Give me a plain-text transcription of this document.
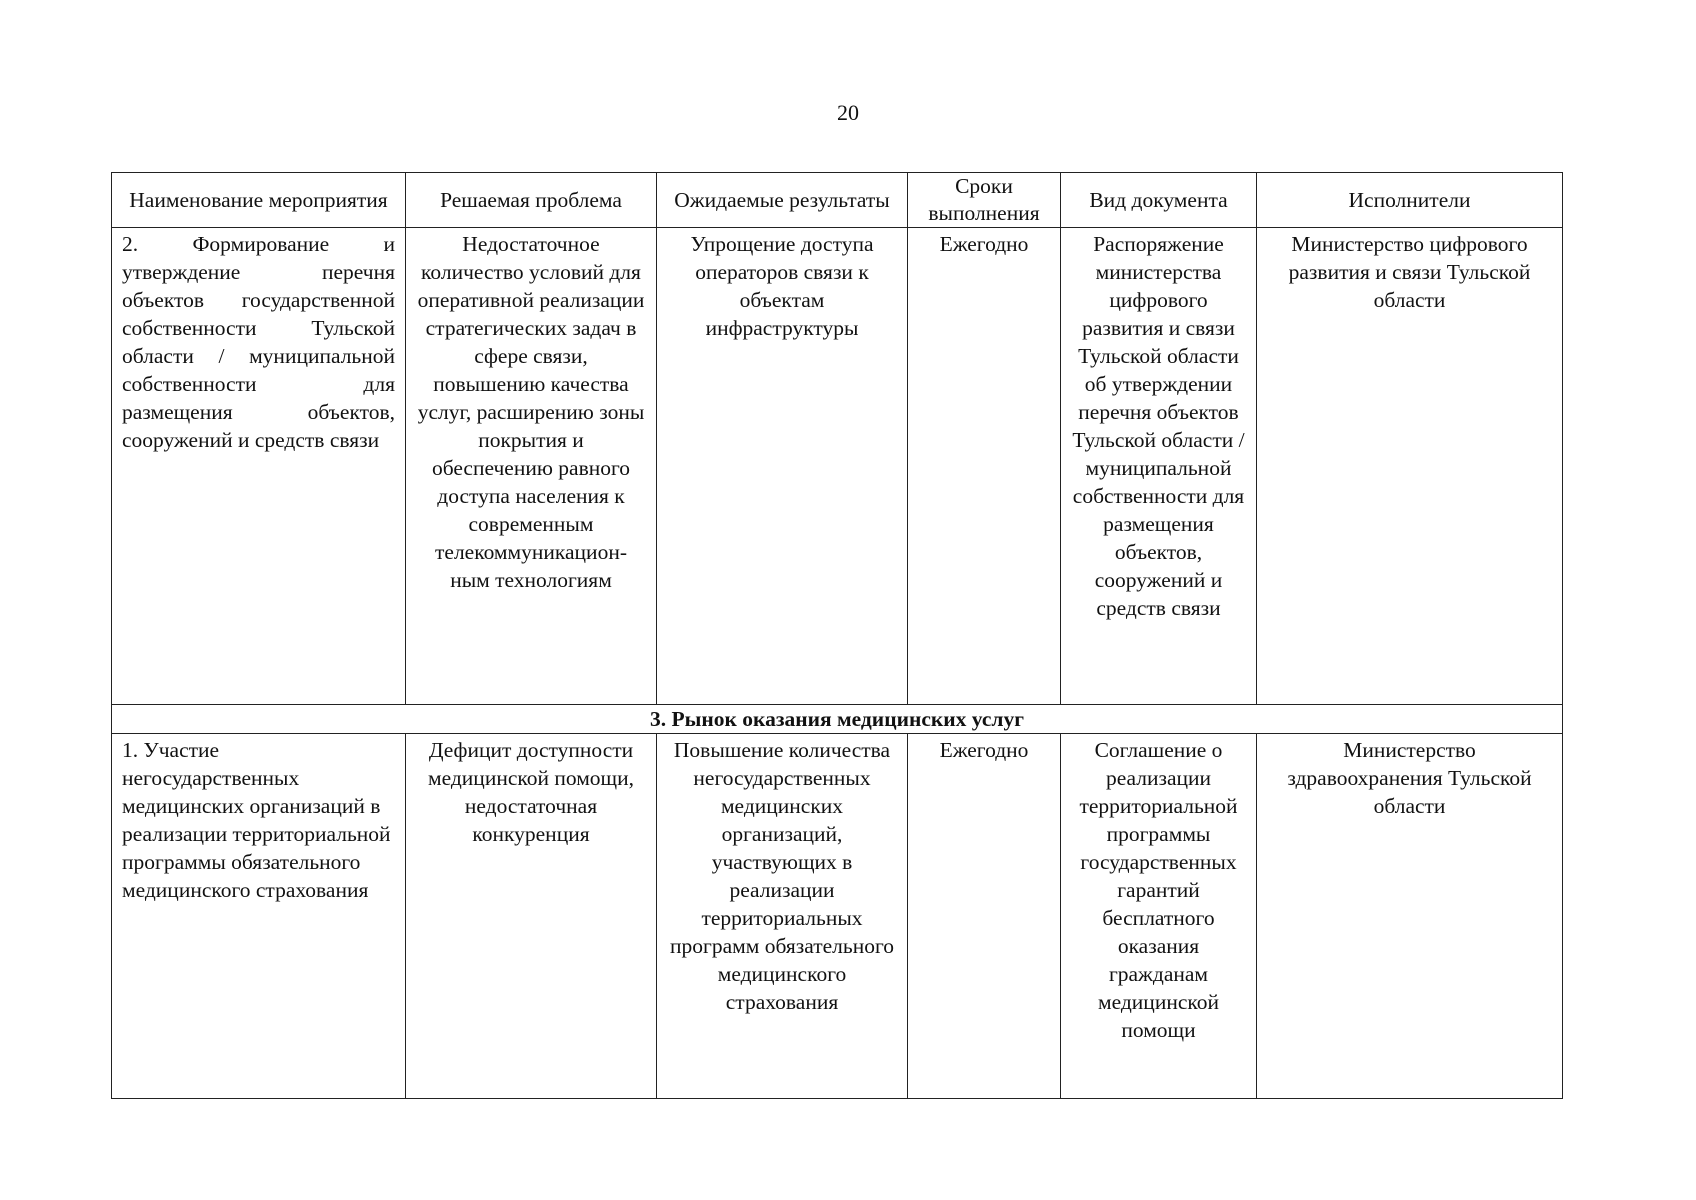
20
Наименование мероприятия	Решаемая проблема	Ожидаемые результаты	Сроки выполнения	Вид документа	Исполнители
2. Формирование и утверждение перечня объектов государственной собственности Тульской области / муниципальной собственности для размещения объектов, сооружений и средств связи	Недостаточное количество условий для оперативной реализации стратегических задач в сфере связи, повышению качества услуг, расширению зоны покрытия и обеспечению равного доступа населения к современным телекоммуникацион-ным технологиям	Упрощение доступа операторов связи к объектам инфраструктуры	Ежегодно	Распоряжение министерства цифрового развития и связи Тульской области об утверждении перечня объектов Тульской области / муниципальной собственности для размещения объектов, сооружений и средств связи	Министерство цифрового развития и связи Тульской области
3. Рынок оказания медицинских услуг					
1. Участие негосударственных медицинских организаций в реализации территориальной программы обязательного медицинского страхования	Дефицит доступности медицинской помощи, недостаточная конкуренция	Повышение количества негосударственных медицинских организаций, участвующих в реализации территориальных программ обязательного медицинского страхования	Ежегодно	Соглашение о реализации территориальной программы государственных гарантий бесплатного оказания гражданам медицинской помощи	Министерство здравоохранения Тульской области
